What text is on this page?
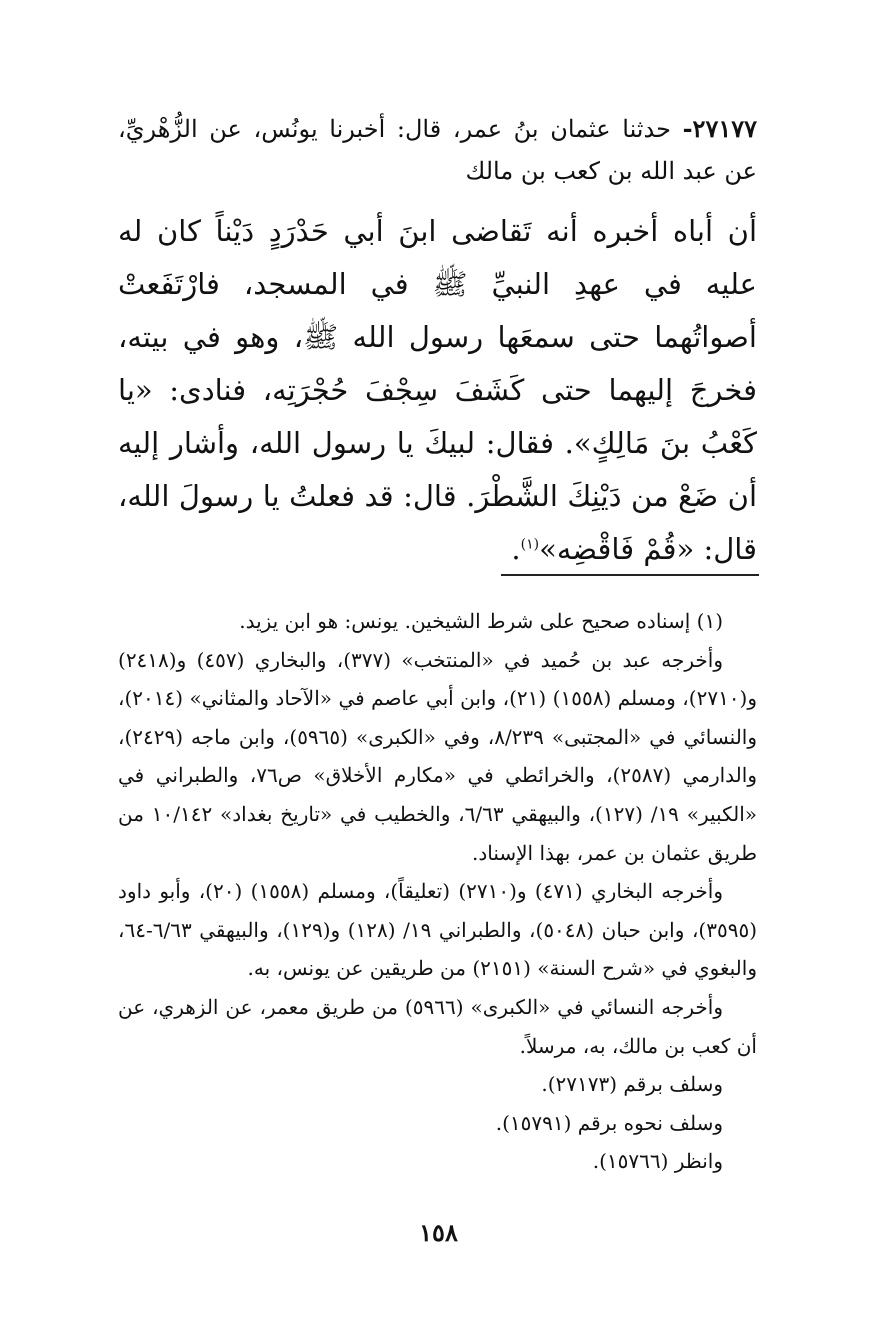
٢٧١٧٧- حدثنا عثمان بنُ عمر، قال: أخبرنا يونُس، عن الزُّهْريِّ، عن عبد الله بن كعب بن مالك
أن أباه أخبره أنه تَقاضى ابنَ أبي حَدْرَدٍ دَيْناً كان له عليه في عهدِ النبيِّ ﷺ في المسجد، فارْتَفَعتْ أصواتُهما حتى سمعَها رسول الله ﷺ، وهو في بيته، فخرجَ إليهما حتى كَشَفَ سِجْفَ حُجْرَتِه، فنادى: «يا كَعْبُ بنَ مَالِكٍ». فقال: لبيكَ يا رسول الله، وأشار إليه أن ضَعْ من دَيْنِكَ الشَّطْرَ. قال: قد فعلتُ يا رسولَ الله، قال: «قُمْ فَاقْضِه»$^{(١)}$.

(١) إسناده صحيح على شرط الشيخين. يونس: هو ابن يزيد.

وأخرجه عبد بن حُميد في «المنتخب» (٣٧٧)، والبخاري (٤٥٧) و(٢٤١٨) و(٢٧١٠)، ومسلم (١٥٥٨) (٢١)، وابن أبي عاصم في «الآحاد والمثاني» (٢٠١٤)، والنسائي في «المجتبى» ٨/٢٣٩، وفي «الكبرى» (٥٩٦٥)، وابن ماجه (٢٤٢٩)، والدارمي (٢٥٨٧)، والخرائطي في «مكارم الأخلاق» ص٧٦، والطبراني في «الكبير» ١٩/ (١٢٧)، والبيهقي ٦/٦٣، والخطيب في «تاريخ بغداد» ١٠/١٤٢ من طريق عثمان بن عمر، بهذا الإسناد.

وأخرجه البخاري (٤٧١) و(٢٧١٠) (تعليقاً)، ومسلم (١٥٥٨) (٢٠)، وأبو داود (٣٥٩٥)، وابن حبان (٥٠٤٨)، والطبراني ١٩/ (١٢٨) و(١٢٩)، والبيهقي ٦/٦٣-٦٤، والبغوي في «شرح السنة» (٢١٥١) من طريقين عن يونس، به.

وأخرجه النسائي في «الكبرى» (٥٩٦٦) من طريق معمر، عن الزهري، عن أن كعب بن مالك، به، مرسلاً.

وسلف برقم (٢٧١٧٣).

وسلف نحوه برقم (١٥٧٩١).

وانظر (١٥٧٦٦).

١٥٨
